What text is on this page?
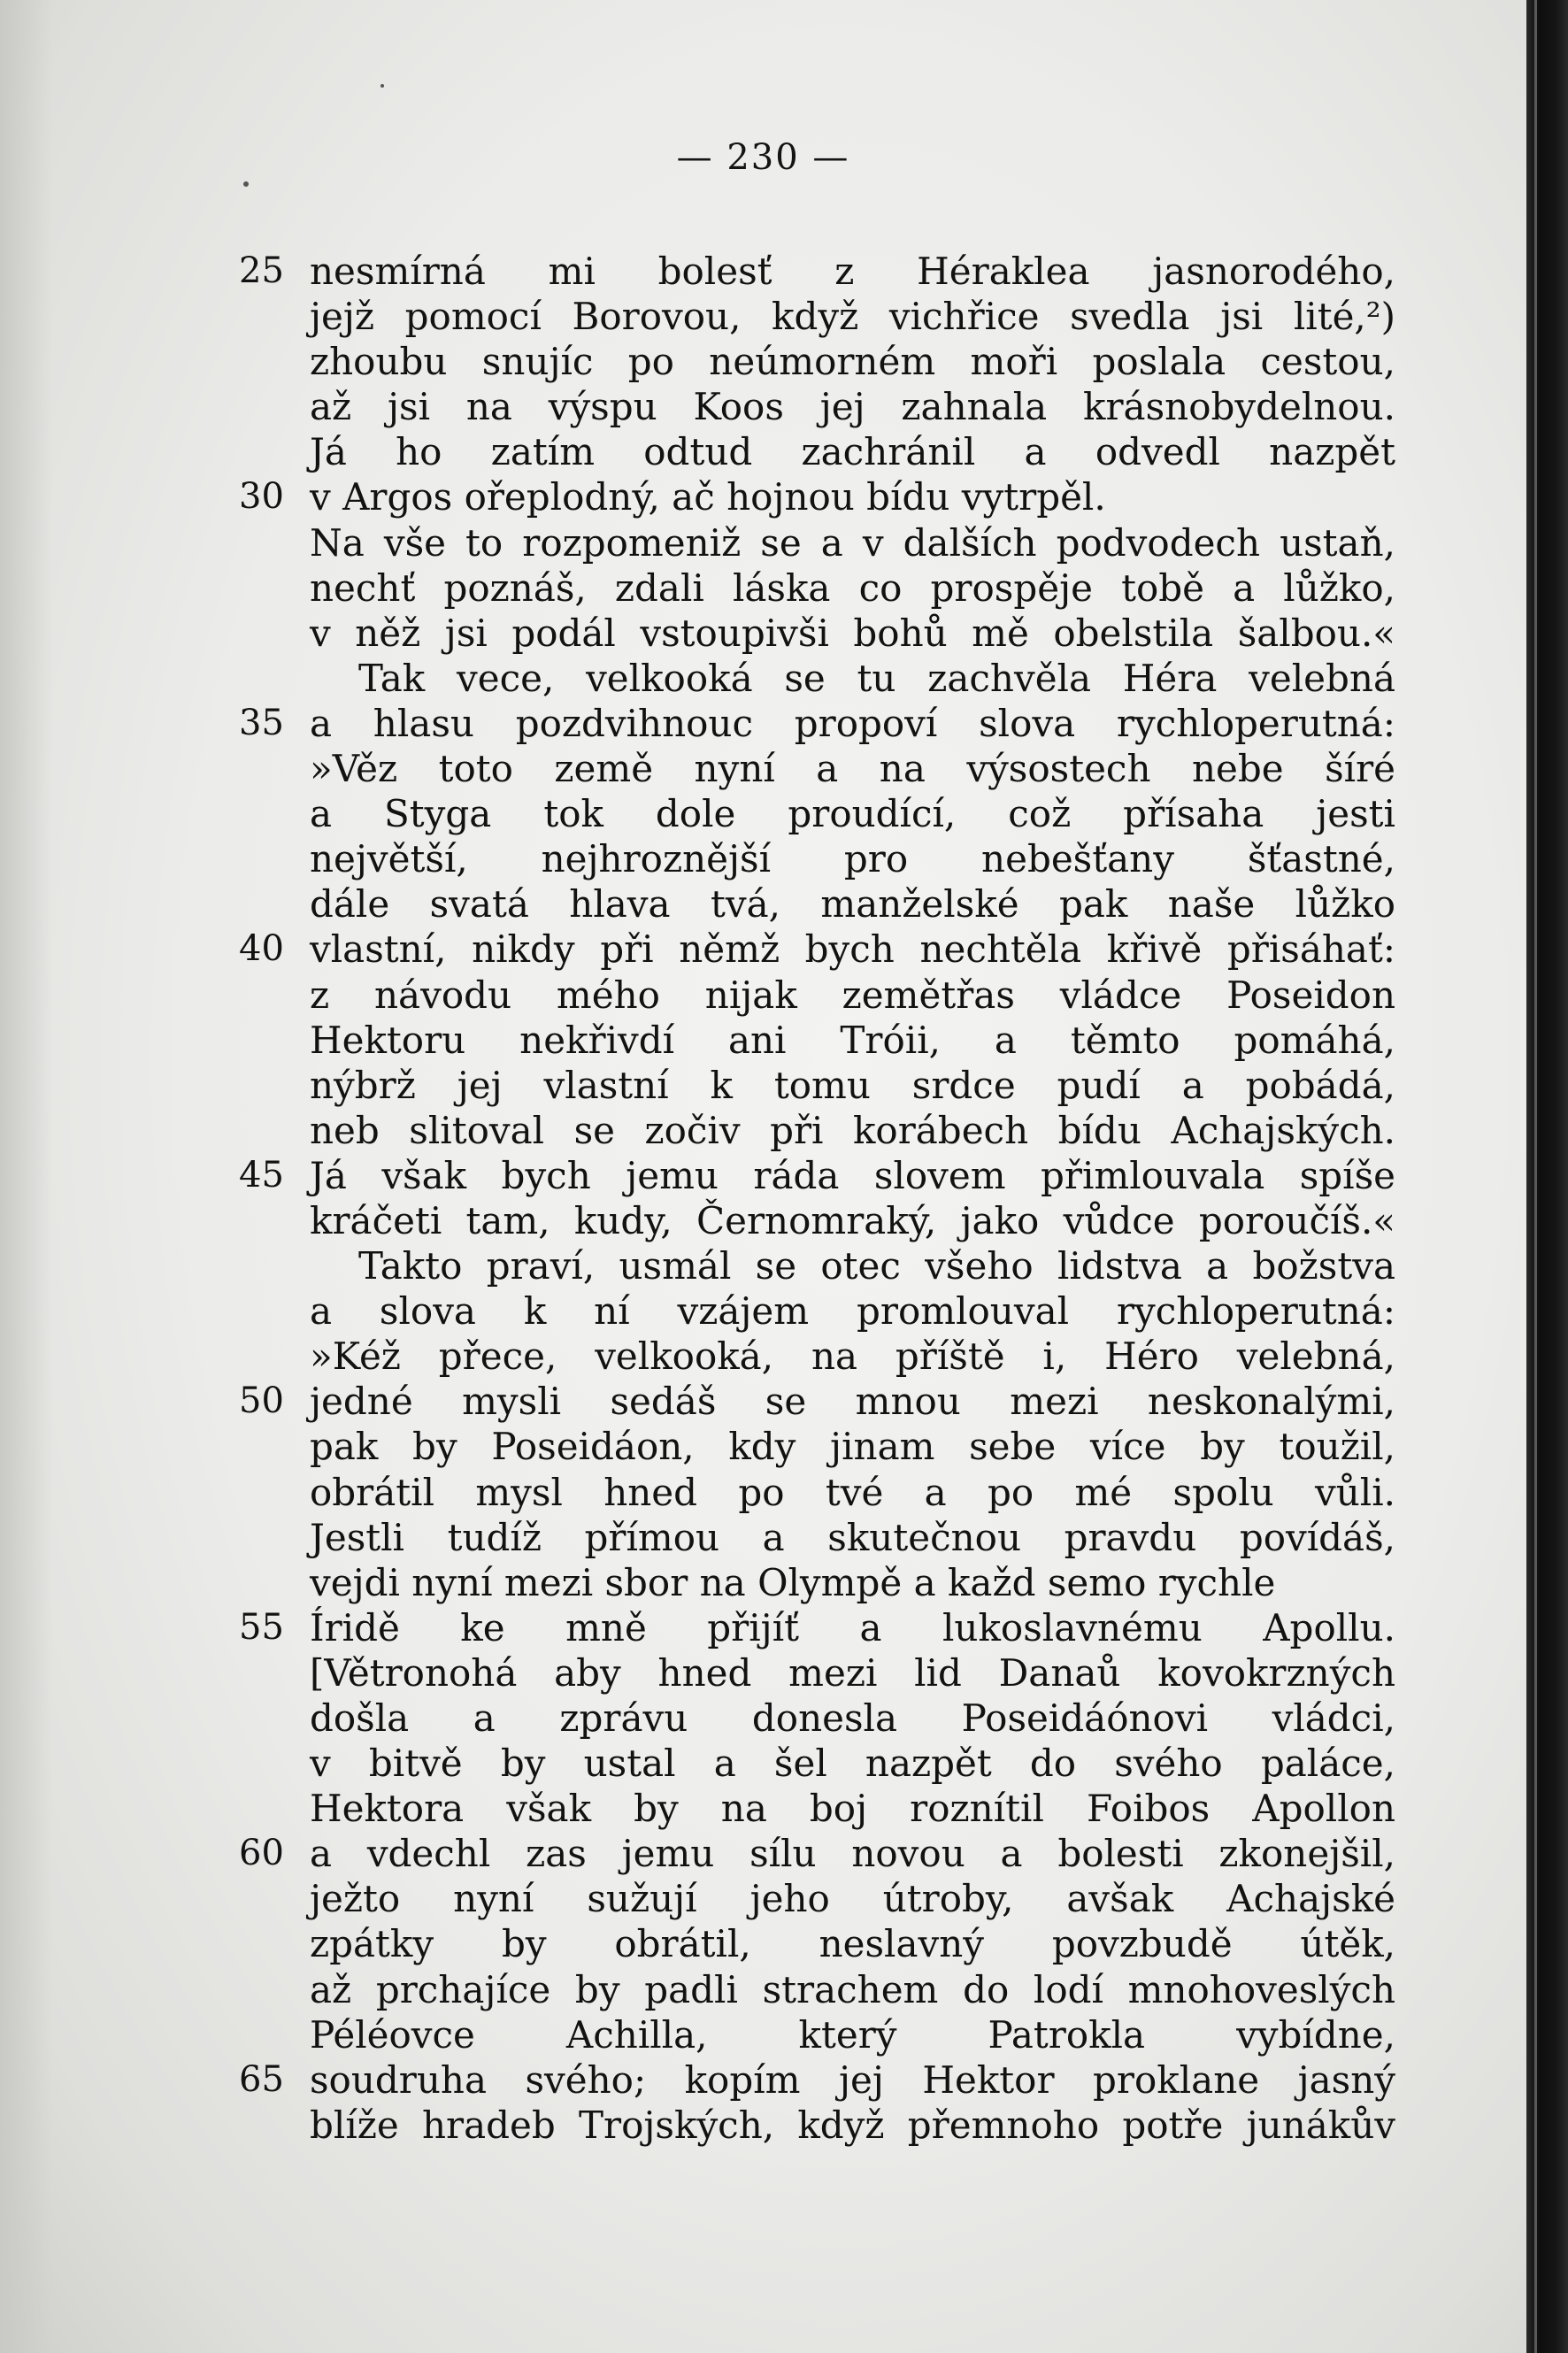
— 230 —
25 nesmírná mi bolesť z Héraklea jasnorodého,
jejž pomocí Borovou, když vichřice svedla jsi lité,²)
zhoubu snujíc po neúmorném moři poslala cestou,
až jsi na výspu Koos jej zahnala krásnobydelnou.
Já ho zatím odtud zachránil a odvedl nazpět
30 v Argos ořeplodný, ač hojnou bídu vytrpěl.
Na vše to rozpomeniž se a v dalších podvodech ustaň,
nechť poznáš, zdali láska co prospěje tobě a lůžko,
v něž jsi podál vstoupivši bohů mě obelstila šalbou.«
Tak vece, velkooká se tu zachvěla Héra velebná
35 a hlasu pozdvihnouc propoví slova rychloperutná:
»Věz toto země nyní a na výsostech nebe šíré
a Styga tok dole proudící, což přísaha jesti
největší, nejhroznější pro nebešťany šťastné,
dále svatá hlava tvá, manželské pak naše lůžko
40 vlastní, nikdy při němž bych nechtěla křivě přisáhať:
z návodu mého nijak zemětřas vládce Poseidon
Hektoru nekřivdí ani Tróii, a těmto pomáhá,
nýbrž jej vlastní k tomu srdce pudí a pobádá,
neb slitoval se zočiv při korábech bídu Achajských.
45 Já však bych jemu ráda slovem přimlouvala spíše
kráčeti tam, kudy, Černomraký, jako vůdce poroučíš.«
Takto praví, usmál se otec všeho lidstva a božstva
a slova k ní vzájem promlouval rychloperutná:
»Kéž přece, velkooká, na příště i, Héro velebná,
50 jedné mysli sedáš se mnou mezi neskonalými,
pak by Poseidáon, kdy jinam sebe více by toužil,
obrátil mysl hned po tvé a po mé spolu vůli.
Jestli tudíž přímou a skutečnou pravdu povídáš,
vejdi nyní mezi sbor na Olympě a každ semo rychle
55 Íridě ke mně přijíť a lukoslavnému Apollu.
[Větronohá aby hned mezi lid Danaů kovokrzných
došla a zprávu donesla Poseidáónovi vládci,
v bitvě by ustal a šel nazpět do svého paláce,
Hektora však by na boj roznítil Foibos Apollon
60 a vdechl zas jemu sílu novou a bolesti zkonejšil,
ježto nyní sužují jeho útroby, avšak Achajské
zpátky by obrátil, neslavný povzbudě útěk,
až prchajíce by padli strachem do lodí mnohoveslých
Péléovce Achilla, který Patrokla vybídne,
65 soudruha svého; kopím jej Hektor proklane jasný
blíže hradeb Trojských, když přemnoho potře junákův
